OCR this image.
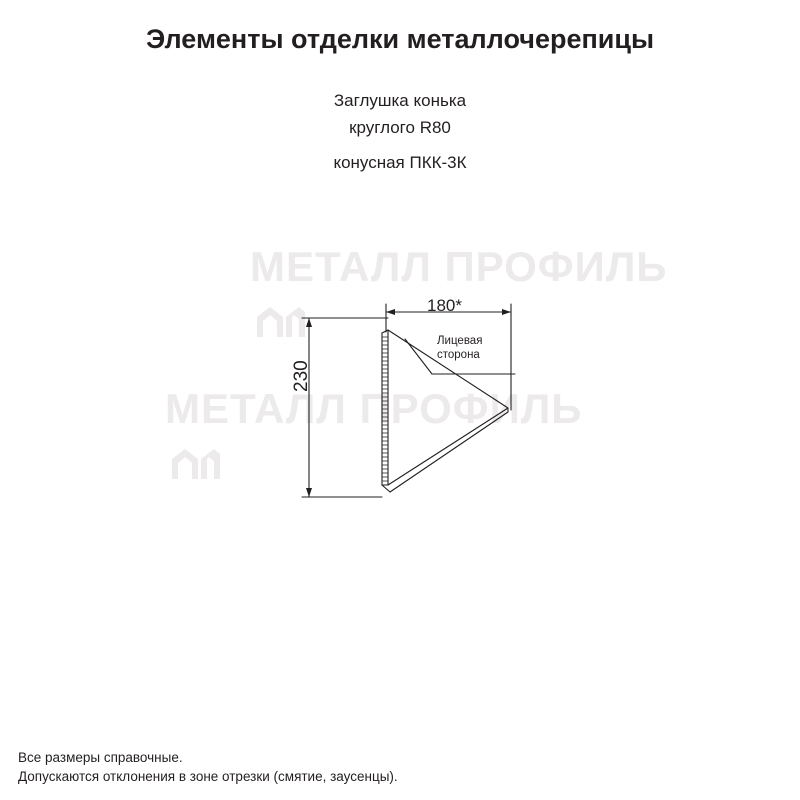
Элементы отделки металлочерепицы
Заглушка конька
круглого R80
конусная ПКК-3К
МЕТАЛЛ ПРОФИЛЬ
МЕТАЛЛ ПРОФИЛЬ
230
180*
Лицевая
сторона
Все размеры справочные.
Допускаются отклонения в зоне отрезки (смятие, заусенцы).
